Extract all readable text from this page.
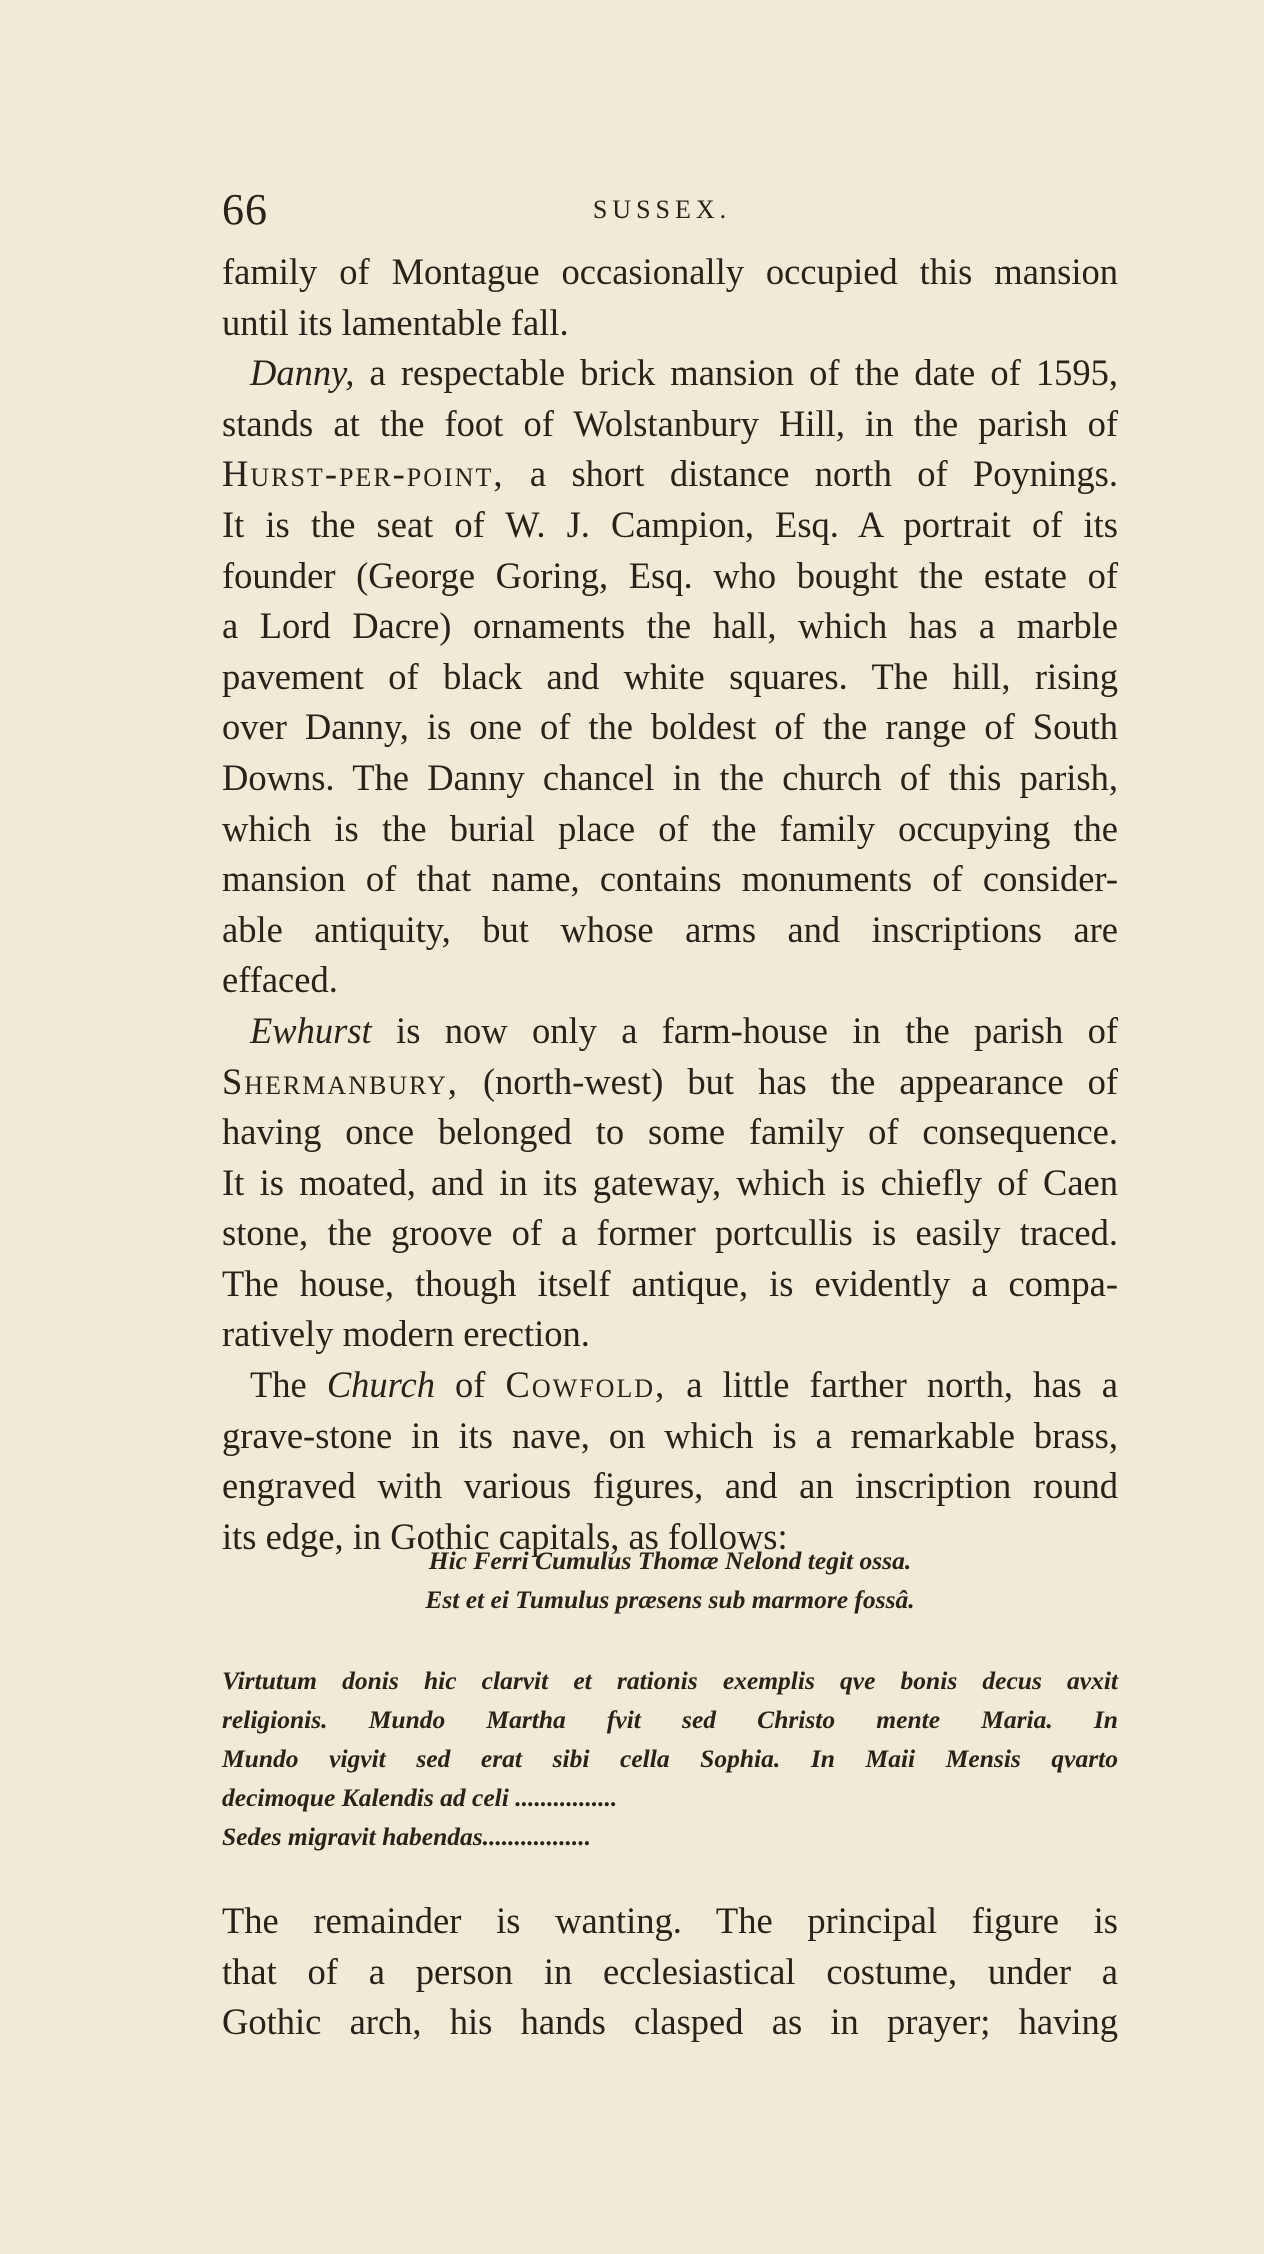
66	SUSSEX.
family of Montague occasionally occupied this mansion
until its lamentable fall.
Danny, a respectable brick mansion of the date of 1595,
stands at the foot of Wolstanbury Hill, in the parish of
Hurst-per-point, a short distance north of Poynings.
It is the seat of W. J. Campion, Esq. A portrait of its
founder (George Goring, Esq. who bought the estate of
a Lord Dacre) ornaments the hall, which has a marble
pavement of black and white squares. The hill, rising
over Danny, is one of the boldest of the range of South
Downs. The Danny chancel in the church of this parish,
which is the burial place of the family occupying the
mansion of that name, contains monuments of consider-
able antiquity, but whose arms and inscriptions are
effaced.
Ewhurst is now only a farm-house in the parish of
Shermanbury, (north-west) but has the appearance of
having once belonged to some family of consequence.
It is moated, and in its gateway, which is chiefly of Caen
stone, the groove of a former portcullis is easily traced.
The house, though itself antique, is evidently a compa-
ratively modern erection.
The Church of Cowfold, a little farther north, has a
grave-stone in its nave, on which is a remarkable brass,
engraved with various figures, and an inscription round
its edge, in Gothic capitals, as follows:
Hic Ferri Cumulus Thomæ Nelond tegit ossa.
Est et ei Tumulus præsens sub marmore fossâ.
Virtutum donis hic clarvit et rationis exemplis qve bonis decus avxit
religionis. Mundo Martha fvit sed Christo mente Maria. In
Mundo vigvit sed erat sibi cella Sophia. In Maii Mensis qvarto
decimoque Kalendis ad celi ................
Sedes migravit habendas.................
The remainder is wanting. The principal figure is
that of a person in ecclesiastical costume, under a
Gothic arch, his hands clasped as in prayer; having
